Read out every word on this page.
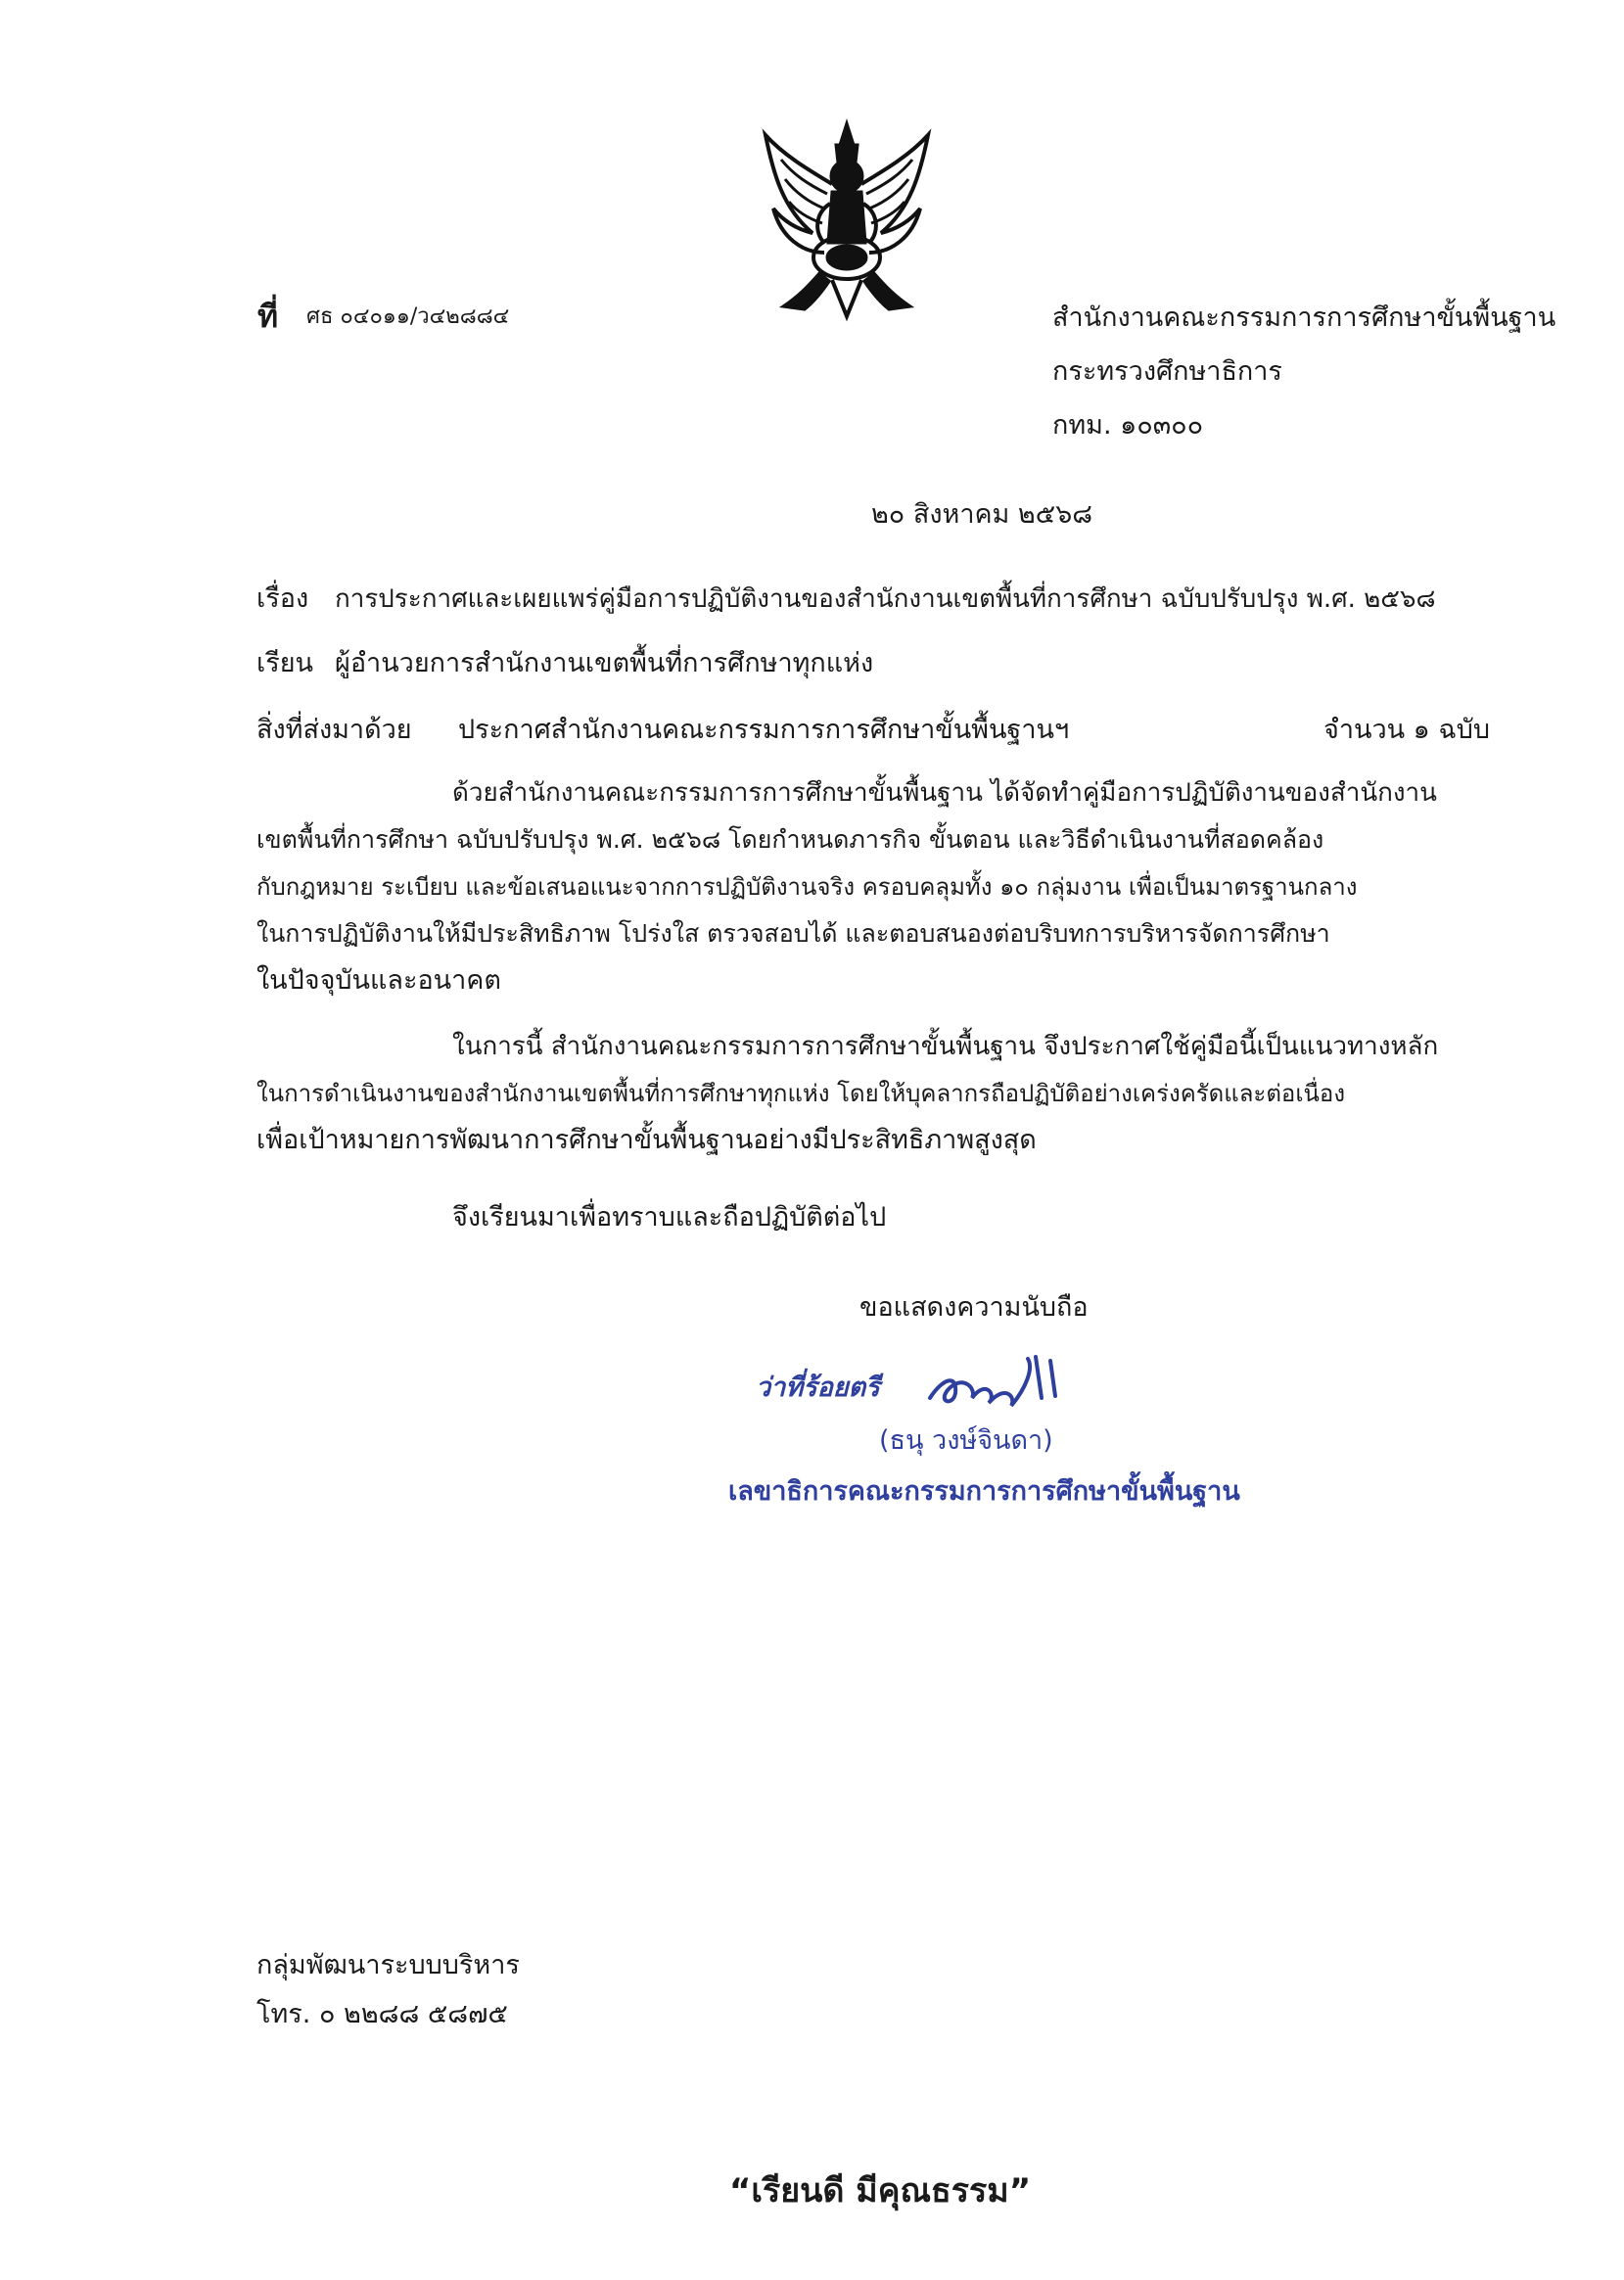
ที่ ศธ ๐๔๐๑๑/ว๔๒๘๘๔	สำนักงานคณะกรรมการการศึกษาขั้นพื้นฐาน
กระทรวงศึกษาธิการ
กทม. ๑๐๓๐๐
๒๐ สิงหาคม ๒๕๖๘
เรื่อง การประกาศและเผยแพร่คู่มือการปฏิบัติงานของสำนักงานเขตพื้นที่การศึกษา ฉบับปรับปรุง พ.ศ. ๒๕๖๘
เรียน ผู้อำนวยการสำนักงานเขตพื้นที่การศึกษาทุกแห่ง
สิ่งที่ส่งมาด้วย ประกาศสำนักงานคณะกรรมการการศึกษาขั้นพื้นฐานฯ	จำนวน ๑ ฉบับ
ด้วยสำนักงานคณะกรรมการการศึกษาขั้นพื้นฐาน ได้จัดทำคู่มือการปฏิบัติงานของสำนักงาน
เขตพื้นที่การศึกษา ฉบับปรับปรุง พ.ศ. ๒๕๖๘ โดยกำหนดภารกิจ ขั้นตอน และวิธีดำเนินงานที่สอดคล้อง
กับกฎหมาย ระเบียบ และข้อเสนอแนะจากการปฏิบัติงานจริง ครอบคลุมทั้ง ๑๐ กลุ่มงาน เพื่อเป็นมาตรฐานกลาง
ในการปฏิบัติงานให้มีประสิทธิภาพ โปร่งใส ตรวจสอบได้ และตอบสนองต่อบริบทการบริหารจัดการศึกษา
ในปัจจุบันและอนาคต
ในการนี้ สำนักงานคณะกรรมการการศึกษาขั้นพื้นฐาน จึงประกาศใช้คู่มือนี้เป็นแนวทางหลัก
ในการดำเนินงานของสำนักงานเขตพื้นที่การศึกษาทุกแห่ง โดยให้บุคลากรถือปฏิบัติอย่างเคร่งครัดและต่อเนื่อง
เพื่อเป้าหมายการพัฒนาการศึกษาขั้นพื้นฐานอย่างมีประสิทธิภาพสูงสุด
จึงเรียนมาเพื่อทราบและถือปฏิบัติต่อไป
ขอแสดงความนับถือ
ว่าที่ร้อยตรี
(ธนุ วงษ์จินดา)
เลขาธิการคณะกรรมการการศึกษาขั้นพื้นฐาน
กลุ่มพัฒนาระบบบริหาร
โทร. ๐ ๒๒๘๘ ๕๘๗๕
“เรียนดี มีคุณธรรม”
